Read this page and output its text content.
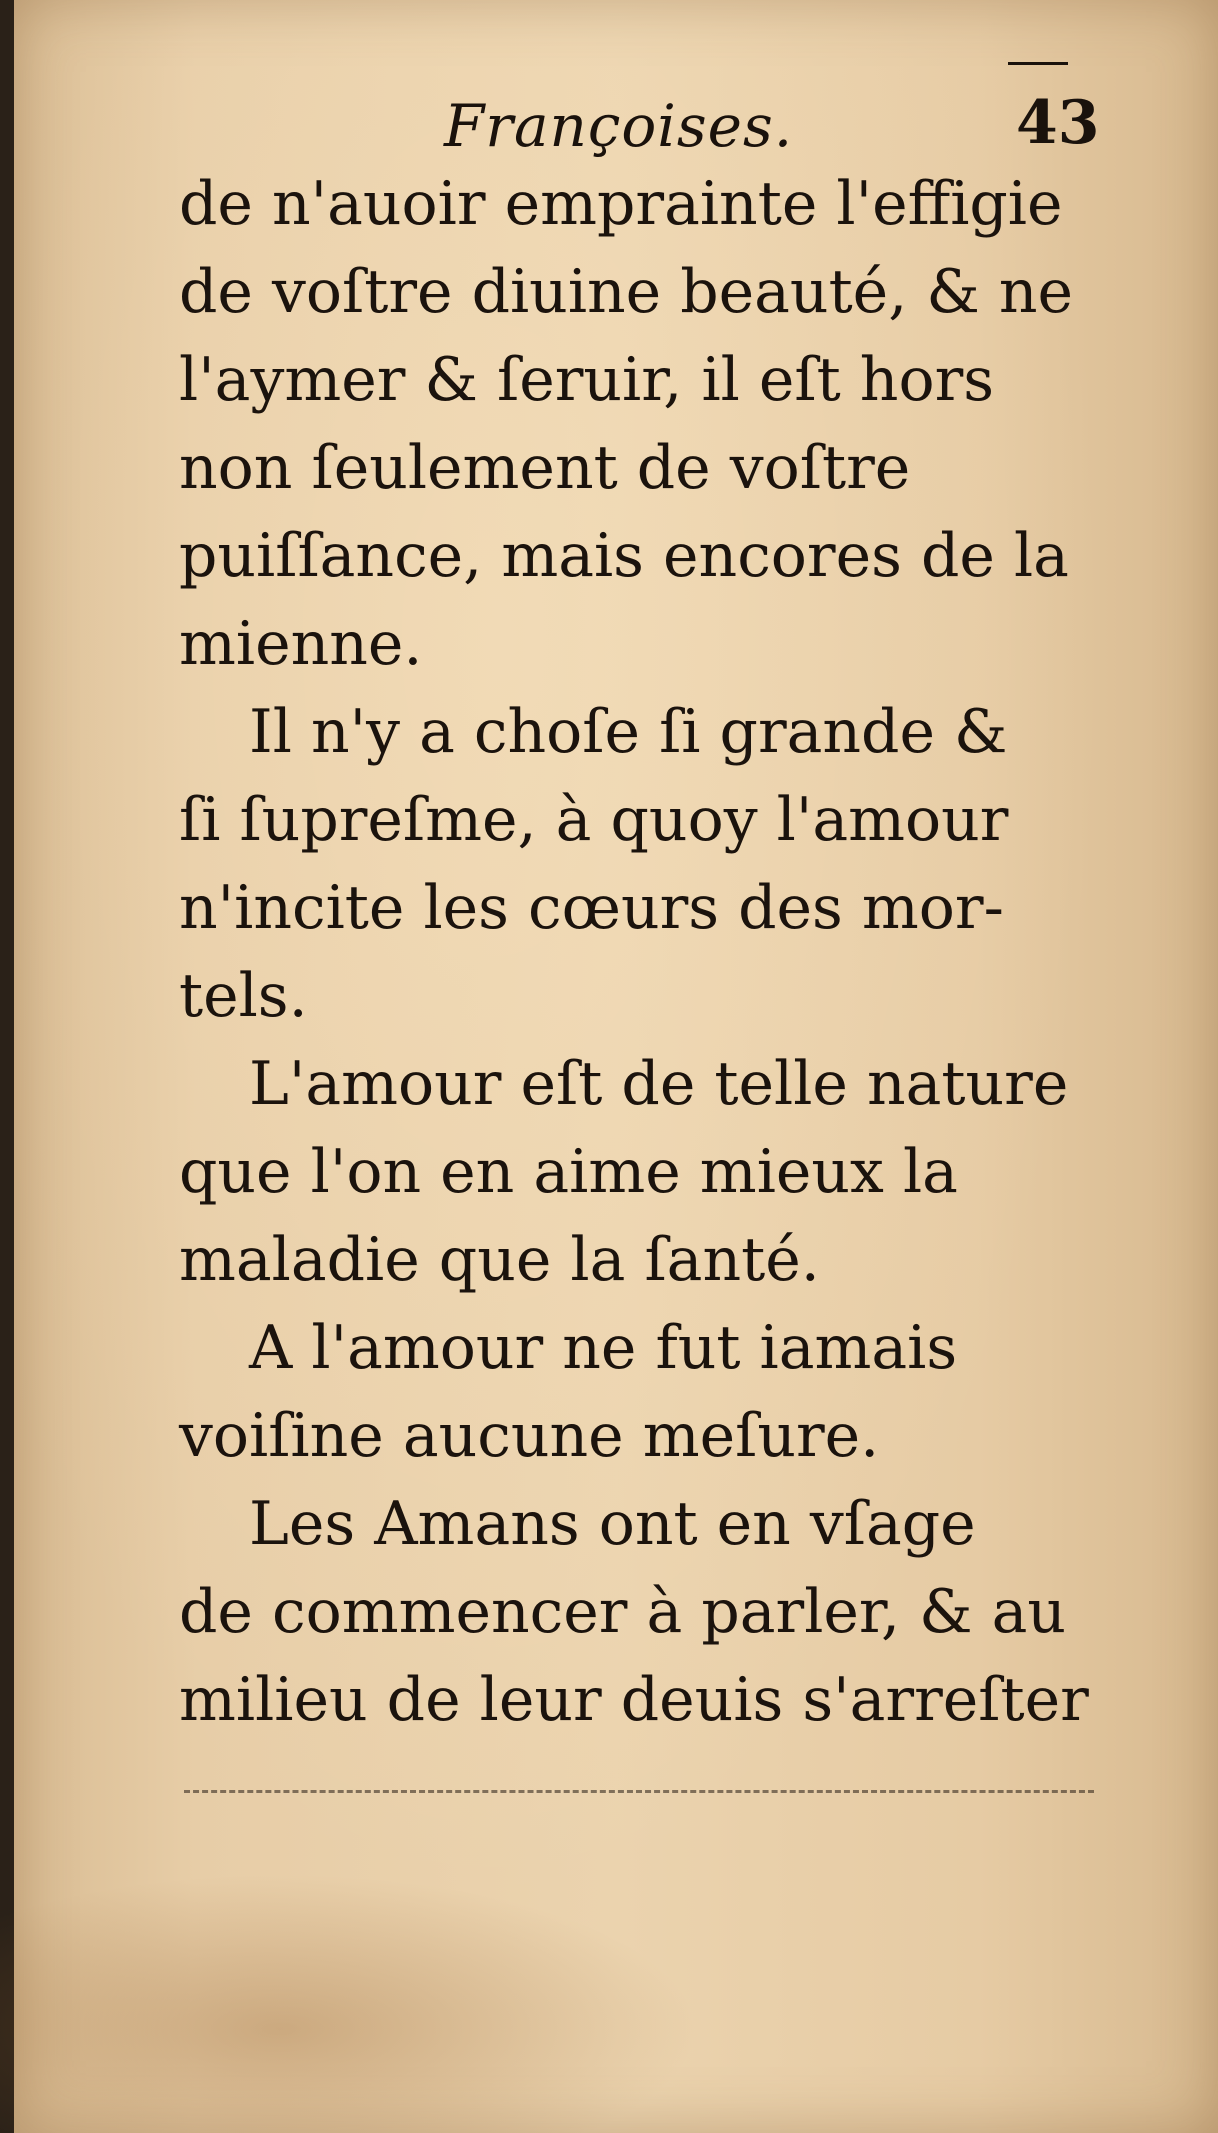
Françoises.	43
de n'auoir emprainte l'effigie
de voſtre diuine beauté, & ne
l'aymer & ſeruir, il eſt hors
non ſeulement de voſtre
puiſſance, mais encores de la
mienne.
Il n'y a choſe ſi grande &
ſi ſupreſme, à quoy l'amour
n'incite les cœurs des mor-
tels.
L'amour eſt de telle nature
que l'on en aime mieux la
maladie que la ſanté.
A l'amour ne fut iamais
voiſine aucune meſure.
Les Amans ont en vſage
de commencer à parler, & au
milieu de leur deuis s'arreſter
